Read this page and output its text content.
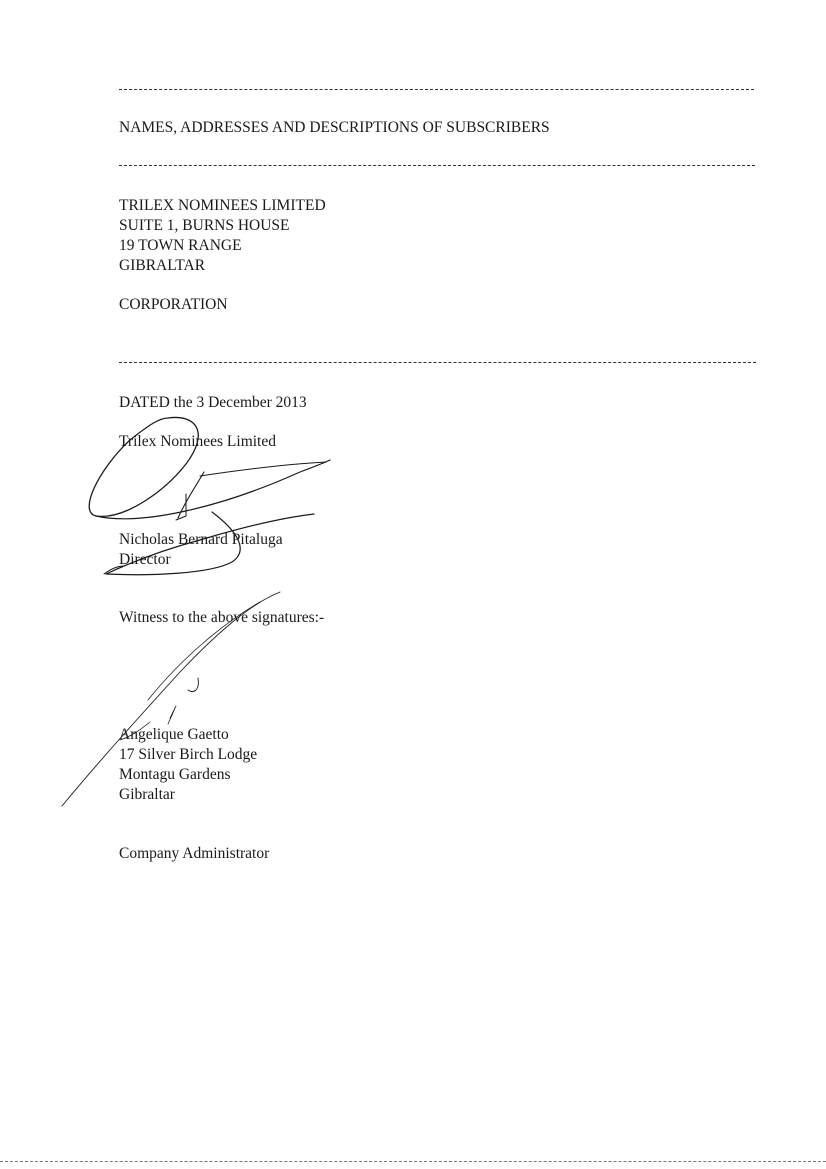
NAMES, ADDRESSES AND DESCRIPTIONS OF SUBSCRIBERS

TRILEX NOMINEES LIMITED
SUITE 1, BURNS HOUSE
19 TOWN RANGE
GIBRALTAR

CORPORATION

DATED the 3 December 2013

Trilex Nominees Limited

Nicholas Bernard Pitaluga
Director

Witness to the above signatures:-

Angelique Gaetto
17 Silver Birch Lodge
Montagu Gardens
Gibraltar

Company Administrator
